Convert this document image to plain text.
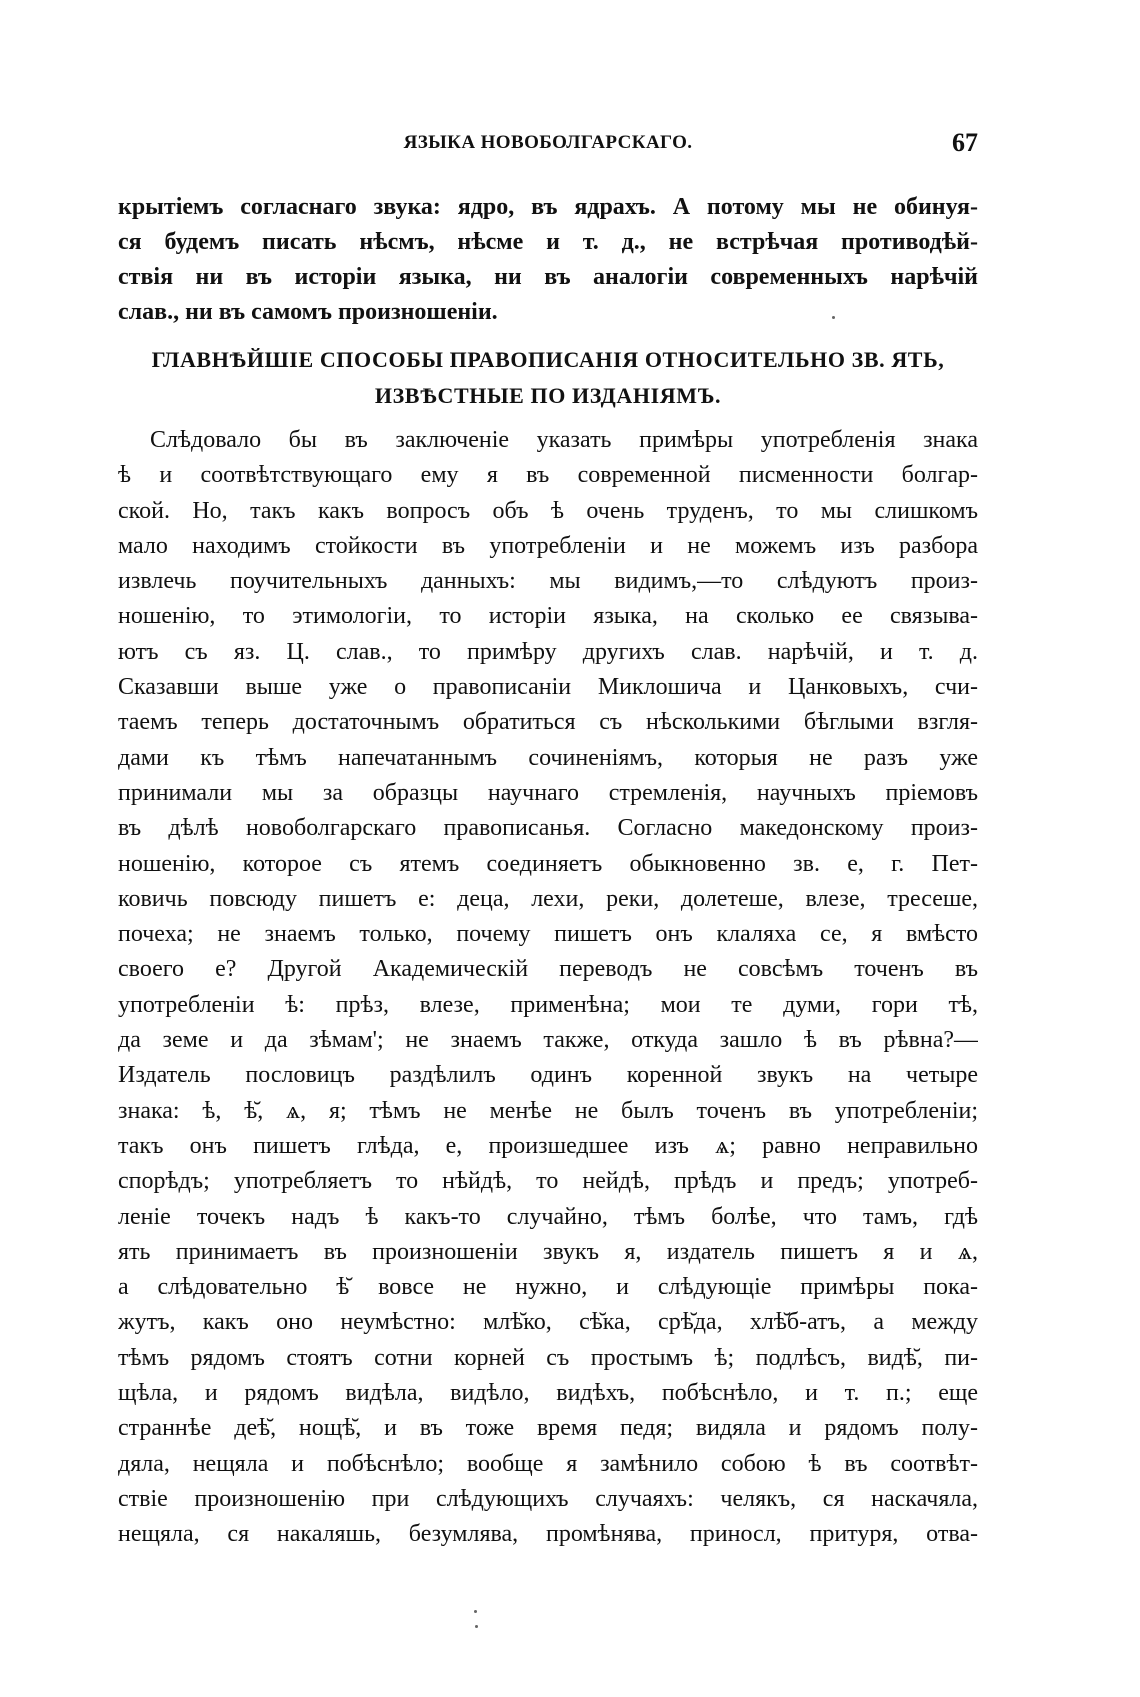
ЯЗЫКА НОВОБОЛГАРСКАГО.	67
крытіемъ согласнаго звука: ядро, въ ядрахъ. А потому мы не обинуя-
ся будемъ писать нѣсмъ, нѣсме и т. д., не встрѣчая противодѣй-
ствія ни въ исторіи языка, ни въ аналогіи современныхъ нарѣчій
слав., ни въ самомъ произношеніи.
ГЛАВНѢЙШІЕ СПОСОБЫ ПРАВОПИСАНІЯ ОТНОСИТЕЛЬНО ЗВ. ЯТЬ,
ИЗВѢСТНЫЕ ПО ИЗДАНІЯМЪ.
Слѣдовало бы въ заключеніе указать примѣры употребленія знака
ѣ и соотвѣтствующаго ему я въ современной писменности болгар-
ской. Но, такъ какъ вопросъ объ ѣ очень труденъ, то мы слишкомъ
мало находимъ стойкости въ употребленіи и не можемъ изъ разбора
извлечь поучительныхъ данныхъ: мы видимъ,—то слѣдуютъ произ-
ношенію, то этимологіи, то исторіи языка, на сколько ее связыва-
ютъ съ яз. Ц. слав., то примѣру другихъ слав. нарѣчій, и т. д.
Сказавши выше уже о правописаніи Миклошича и Цанковыхъ, счи-
таемъ теперь достаточнымъ обратиться съ нѣсколькими бѣглыми взгля-
дами къ тѣмъ напечатаннымъ сочиненіямъ, которыя не разъ уже
принимали мы за образцы научнаго стремленія, научныхъ пріемовъ
въ дѣлѣ новоболгарскаго правописанья. Согласно македонскому произ-
ношенію, которое съ ятемъ соединяетъ обыкновенно зв. е, г. Пет-
ковичь повсюду пишетъ е: деца, лехи, реки, долетеше, влезе, тресеше,
почеха; не знаемъ только, почему пишетъ онъ клаляха се, я вмѣсто
своего е? Другой Академическій переводъ не совсѣмъ точенъ въ
употребленіи ѣ: прѣз, влезе, применѣна; мои те думи, гори тѣ,
да земе и да зѣмам'; не знаемъ также, откуда зашло ѣ въ рѣвна?—
Издатель пословицъ раздѣлилъ одинъ коренной звукъ на четыре
знака: ѣ, ѣ̆, ѧ, я; тѣмъ не менѣе не былъ точенъ въ употребленіи;
такъ онъ пишетъ глѣда, е, произшедшее изъ ѧ; равно неправильно
спорѣдъ; употребляетъ то нѣйдѣ, то нейдѣ, прѣдъ и предъ; употреб-
леніе точекъ надъ ѣ какъ-то случайно, тѣмъ болѣе, что тамъ, гдѣ
ять принимаетъ въ произношеніи звукъ я, издатель пишетъ я и ѧ,
а слѣдовательно ѣ̆ вовсе не нужно, и слѣдующіе примѣры пока-
жутъ, какъ оно неумѣстно: млѣ̆ко, сѣ̆ка, срѣ̆да, хлѣ̆б-атъ, а между
тѣмъ рядомъ стоятъ сотни корней съ простымъ ѣ; подлѣсъ, видѣ̆, пи-
щѣла, и рядомъ видѣла, видѣло, видѣхъ, побѣснѣло, и т. п.; еще
страннѣе деѣ̆, нощѣ̆, и въ тоже время педя; видяла и рядомъ полу-
дяла, нещяла и побѣснѣло; вообще я замѣнило собою ѣ въ соотвѣт-
ствіе произношенію при слѣдующихъ случаяхъ: челякъ, ся наскачяла,
нещяла, ся накаляшь, безумлява, промѣнява, приносл, притуря, отва-
